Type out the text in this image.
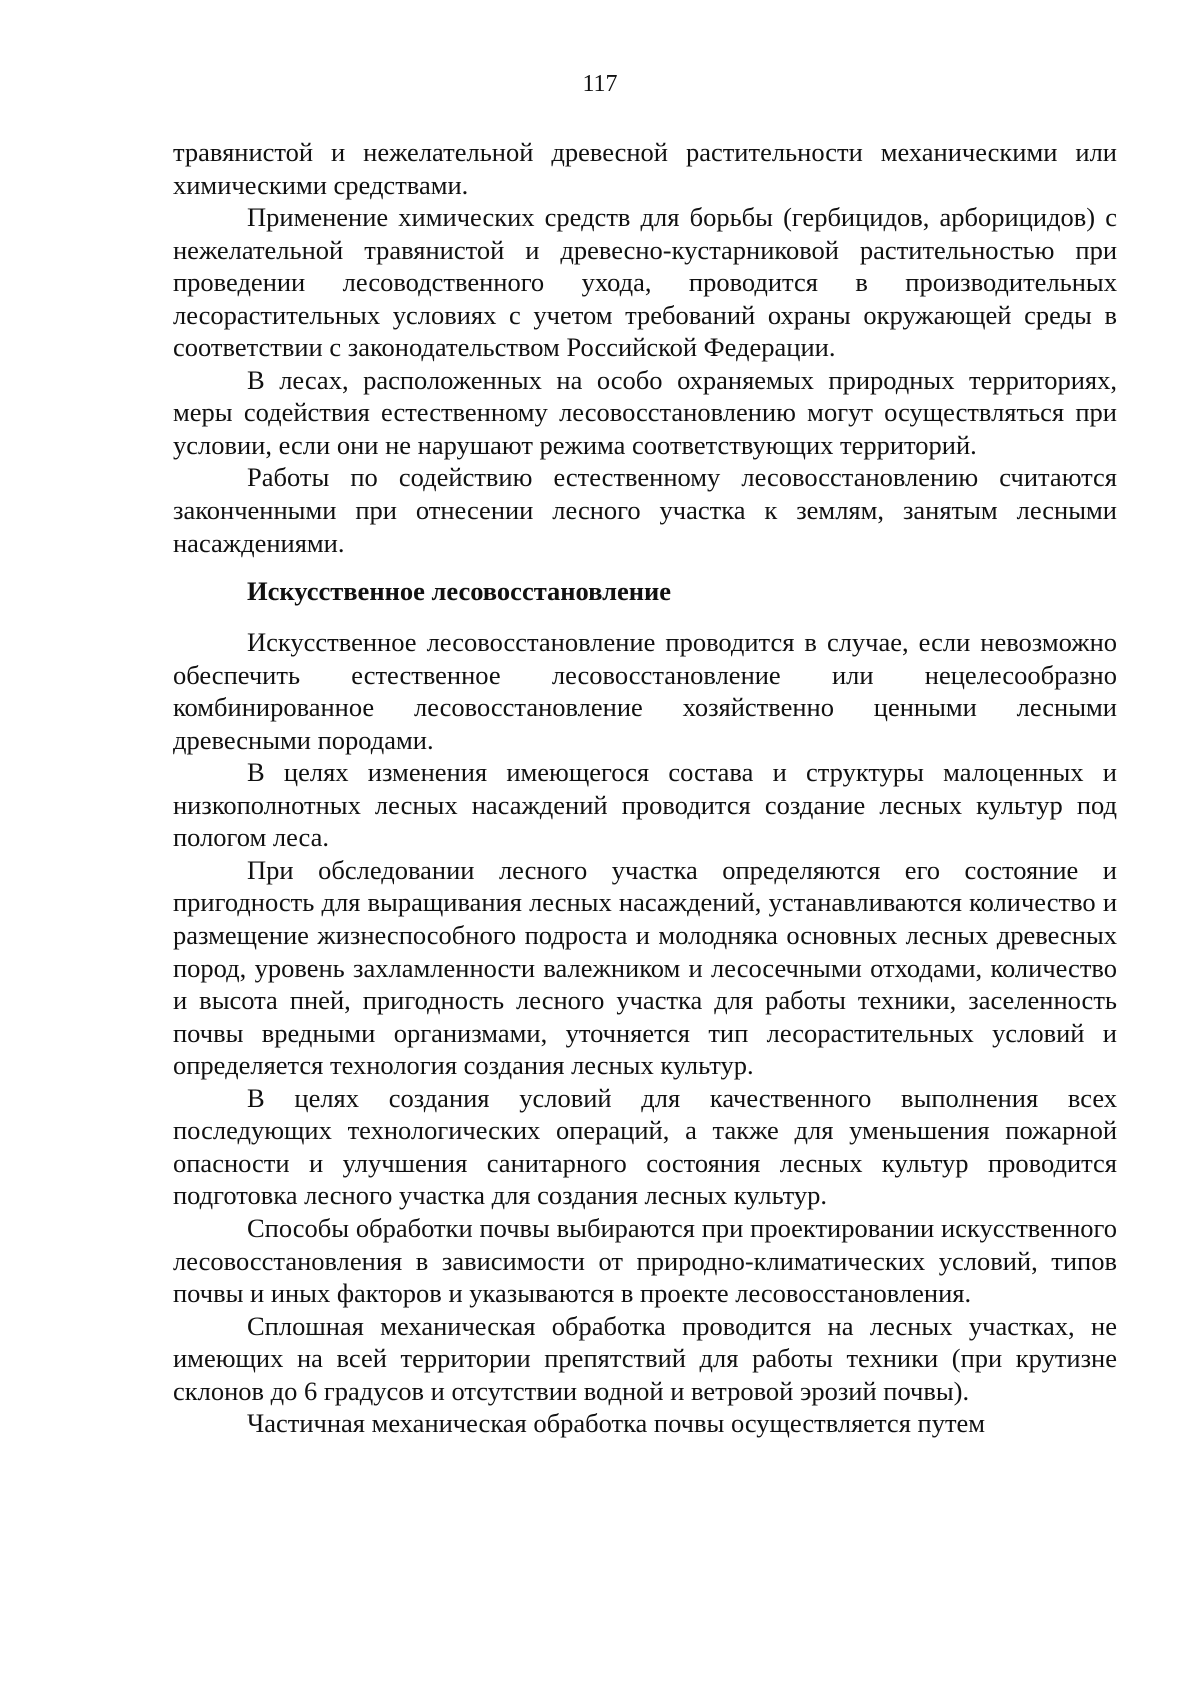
117

травянистой и нежелательной древесной растительности механическими или химическими средствами.

Применение химических средств для борьбы (гербицидов, арборицидов) с нежелательной травянистой и древесно-кустарниковой растительностью при проведении лесоводственного ухода, проводится в производительных лесорастительных условиях с учетом требований охраны окружающей среды в соответствии с законодательством Российской Федерации.

В лесах, расположенных на особо охраняемых природных территориях, меры содействия естественному лесовосстановлению могут осуществляться при условии, если они не нарушают режима соответствующих территорий.

Работы по содействию естественному лесовосстановлению считаются законченными при отнесении лесного участка к землям, занятым лесными насаждениями.

Искусственное лесовосстановление

Искусственное лесовосстановление проводится в случае, если невозможно обеспечить естественное лесовосстановление или нецелесообразно комбинированное лесовосстановление хозяйственно ценными лесными древесными породами.

В целях изменения имеющегося состава и структуры малоценных и низкополнотных лесных насаждений проводится создание лесных культур под пологом леса.

При обследовании лесного участка определяются его состояние и пригодность для выращивания лесных насаждений, устанавливаются количество и размещение жизнеспособного подроста и молодняка основных лесных древесных пород, уровень захламленности валежником и лесосечными отходами, количество и высота пней, пригодность лесного участка для работы техники, заселенность почвы вредными организмами, уточняется тип лесорастительных условий и определяется технология создания лесных культур.

В целях создания условий для качественного выполнения всех последующих технологических операций, а также для уменьшения пожарной опасности и улучшения санитарного состояния лесных культур проводится подготовка лесного участка для создания лесных культур.

Способы обработки почвы выбираются при проектировании искусственного лесовосстановления в зависимости от природно-климатических условий, типов почвы и иных факторов и указываются в проекте лесовосстановления.

Сплошная механическая обработка проводится на лесных участках, не имеющих на всей территории препятствий для работы техники (при крутизне склонов до 6 градусов и отсутствии водной и ветровой эрозий почвы).

Частичная механическая обработка почвы осуществляется путем
